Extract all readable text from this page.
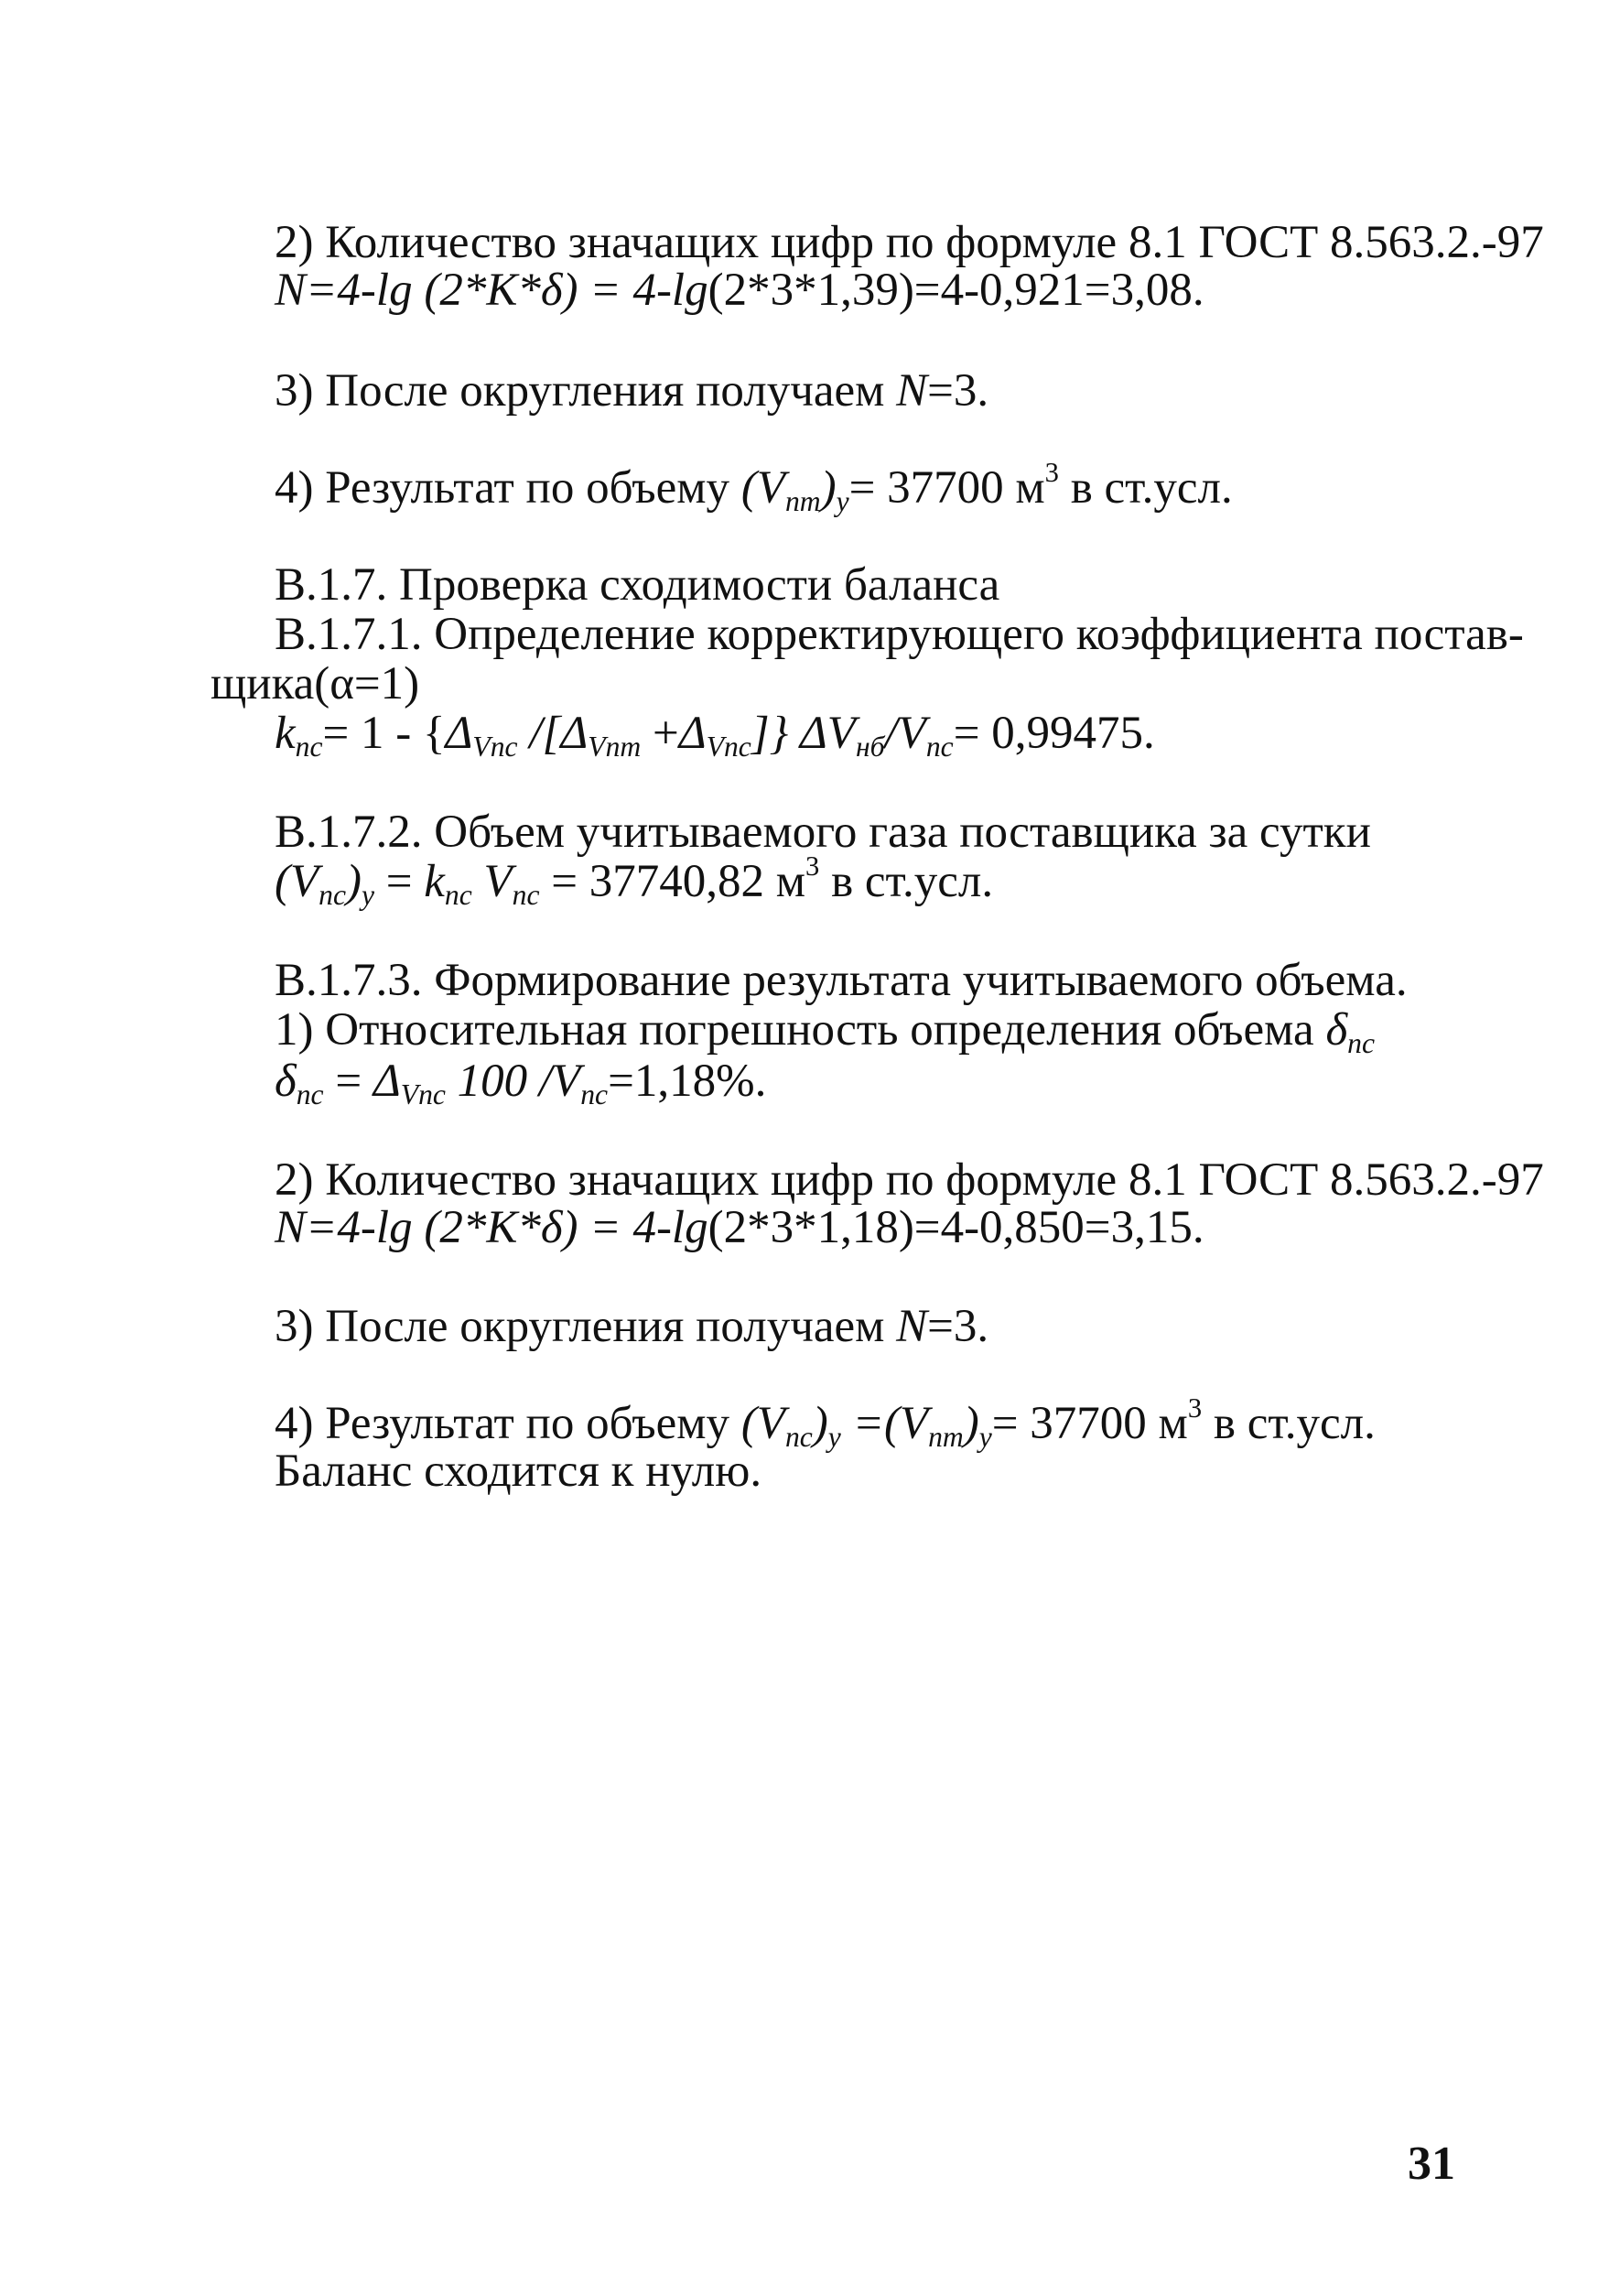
2) Количество значащих цифр по формуле 8.1 ГОСТ 8.563.2.-97
N=4-lg (2*K*δ) = 4-lg(2*3*1,39)=4-0,921=3,08.
3) После округления получаем N=3.
4) Результат по объему $(V_{nm})_y= 37700$ $м^3$ в ст.усл.
В.1.7. Проверка сходимости баланса
В.1.7.1. Определение корректирующего коэффициента постав-
щика(α=1)
$k_{nc}= 1 - \{\Delta_{Vnc}$ $/[\Delta_{Vnm} +\Delta_{Vnc}]$} $\Delta V_{нб}/V_{nc}= 0,99475$.
В.1.7.2. Объем учитываемого газа поставщика за сутки
$(V_{nc})_y = k_{nc}$ $V_{nc} = 37740,82$ $м^3$ в ст.усл.
В.1.7.3. Формирование результата учитываемого объема.
1) Относительная погрешность определения объема $\delta_{nc}$
$\delta_{nc} = \Delta_{Vnc}$ 100 $/V_{nc}=1,18\%$.
2) Количество значащих цифр по формуле 8.1 ГОСТ 8.563.2.-97
N=4-lg (2*K*δ) = 4-lg(2*3*1,18)=4-0,850=3,15.
3) После округления получаем N=3.
4) Результат по объему $(V_{nc})_y =(V_{nm})_y= 37700$ $м^3$ в ст.усл.
Баланс сходится к нулю.
31
